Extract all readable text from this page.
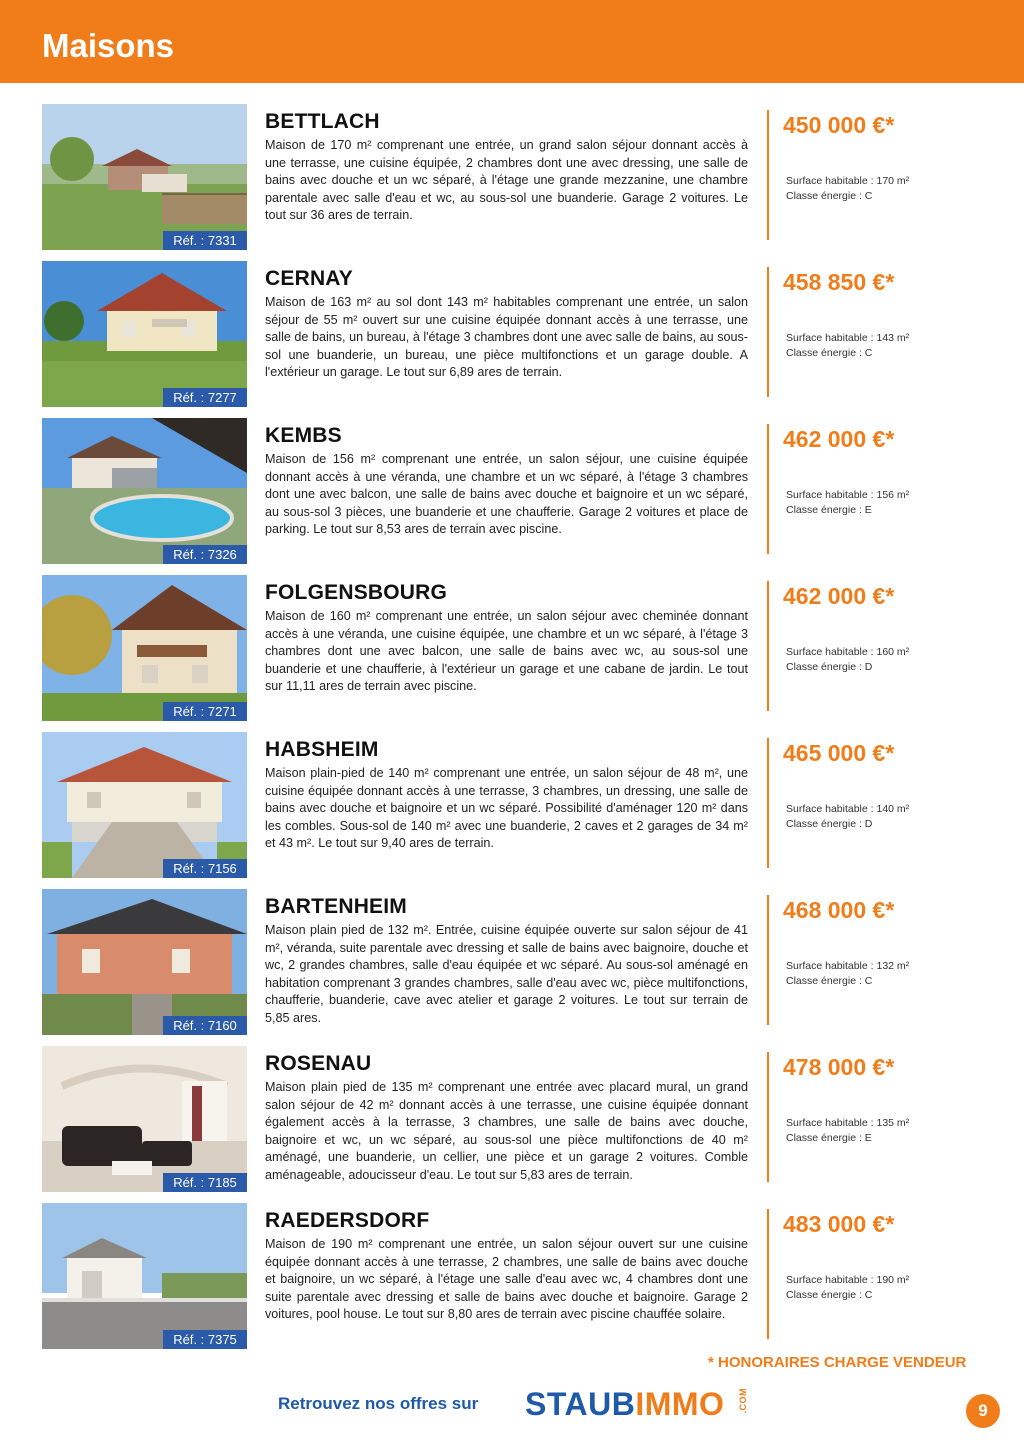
Maisons
Réf. : 7331
BETTLACH
Maison de 170 m² comprenant une entrée, un grand salon séjour donnant accès à une terrasse, une cuisine équipée, 2 chambres dont une avec dressing, une salle de bains avec douche et un wc séparé, à l'étage une grande mezzanine, une chambre parentale avec salle d'eau et wc, au sous-sol une buanderie. Garage 2 voitures. Le tout sur 36 ares de terrain.
450 000 €*
Surface habitable : 170 m²
Classe énergie : C
Réf. : 7277
CERNAY
Maison de 163 m² au sol dont 143 m² habitables comprenant une entrée, un salon séjour de 55 m² ouvert sur une cuisine équipée donnant accès à une terrasse, une salle de bains, un bureau, à l'étage 3 chambres dont une avec salle de bains, au sous-sol une buanderie, un bureau, une pièce multifonctions et un garage double. A l'extérieur un garage. Le tout sur 6,89 ares de terrain.
458 850 €*
Surface habitable : 143 m²
Classe énergie : C
Réf. : 7326
KEMBS
Maison de 156 m² comprenant une entrée, un salon séjour, une cuisine équipée donnant accès à une véranda, une chambre et un wc séparé, à l'étage 3 chambres dont une avec balcon, une salle de bains avec douche et baignoire et un wc séparé, au sous-sol 3 pièces, une buanderie et une chaufferie. Garage 2 voitures et place de parking. Le tout sur 8,53 ares de terrain avec piscine.
462 000 €*
Surface habitable : 156 m²
Classe énergie : E
Réf. : 7271
FOLGENSBOURG
Maison de 160 m² comprenant une entrée, un salon séjour avec cheminée donnant accès à une véranda, une cuisine équipée, une chambre et un wc séparé, à l'étage 3 chambres dont une avec balcon, une salle de bains avec wc, au sous-sol une buanderie et une chaufferie, à l'extérieur un garage et une cabane de jardin. Le tout sur 11,11 ares de terrain avec piscine.
462 000 €*
Surface habitable : 160 m²
Classe énergie : D
Réf. : 7156
HABSHEIM
Maison plain-pied de 140 m² comprenant une entrée, un salon séjour de 48 m², une cuisine équipée donnant accès à une terrasse, 3 chambres, un dressing, une salle de bains avec douche et baignoire et un wc séparé. Possibilité d'aménager 120 m² dans les combles. Sous-sol de 140 m² avec une buanderie, 2 caves et 2 garages de 34 m² et 43 m². Le tout sur 9,40 ares de terrain.
465 000 €*
Surface habitable : 140 m²
Classe énergie : D
Réf. : 7160
BARTENHEIM
Maison plain pied de 132 m². Entrée, cuisine équipée ouverte sur salon séjour de 41 m², véranda, suite parentale avec dressing et salle de bains avec baignoire, douche et wc, 2 grandes chambres, salle d'eau équipée et wc séparé. Au sous-sol aménagé en habitation comprenant 3 grandes chambres, salle d'eau avec wc, pièce multifonctions, chaufferie, buanderie, cave avec atelier et garage 2 voitures. Le tout sur terrain de 5,85 ares.
468 000 €*
Surface habitable : 132 m²
Classe énergie : C
Réf. : 7185
ROSENAU
Maison plain pied de 135 m² comprenant une entrée avec placard mural, un grand salon séjour de 42 m² donnant accès à une terrasse, une cuisine équipée donnant également accès à la terrasse, 3 chambres, une salle de bains avec douche, baignoire et wc, un wc séparé, au sous-sol une pièce multifonctions de 40 m² aménagé, une buanderie, un cellier, une pièce et un garage 2 voitures. Comble aménageable, adoucisseur d'eau. Le tout sur 5,83 ares de terrain.
478 000 €*
Surface habitable : 135 m²
Classe énergie : E
Réf. : 7375
RAEDERSDORF
Maison de 190 m² comprenant une entrée, un salon séjour ouvert sur une cuisine équipée donnant accès à une terrasse, 2 chambres, une salle de bains avec douche et baignoire, un wc séparé, à l'étage une salle d'eau avec wc, 4 chambres dont une suite parentale avec dressing et salle de bains avec douche et baignoire. Garage 2 voitures, pool house. Le tout sur 8,80 ares de terrain avec piscine chauffée solaire.
483 000 €*
Surface habitable : 190 m²
Classe énergie : C
* HONORAIRES CHARGE VENDEUR
Retrouvez nos offres sur STAUBIMMO .COM	9
